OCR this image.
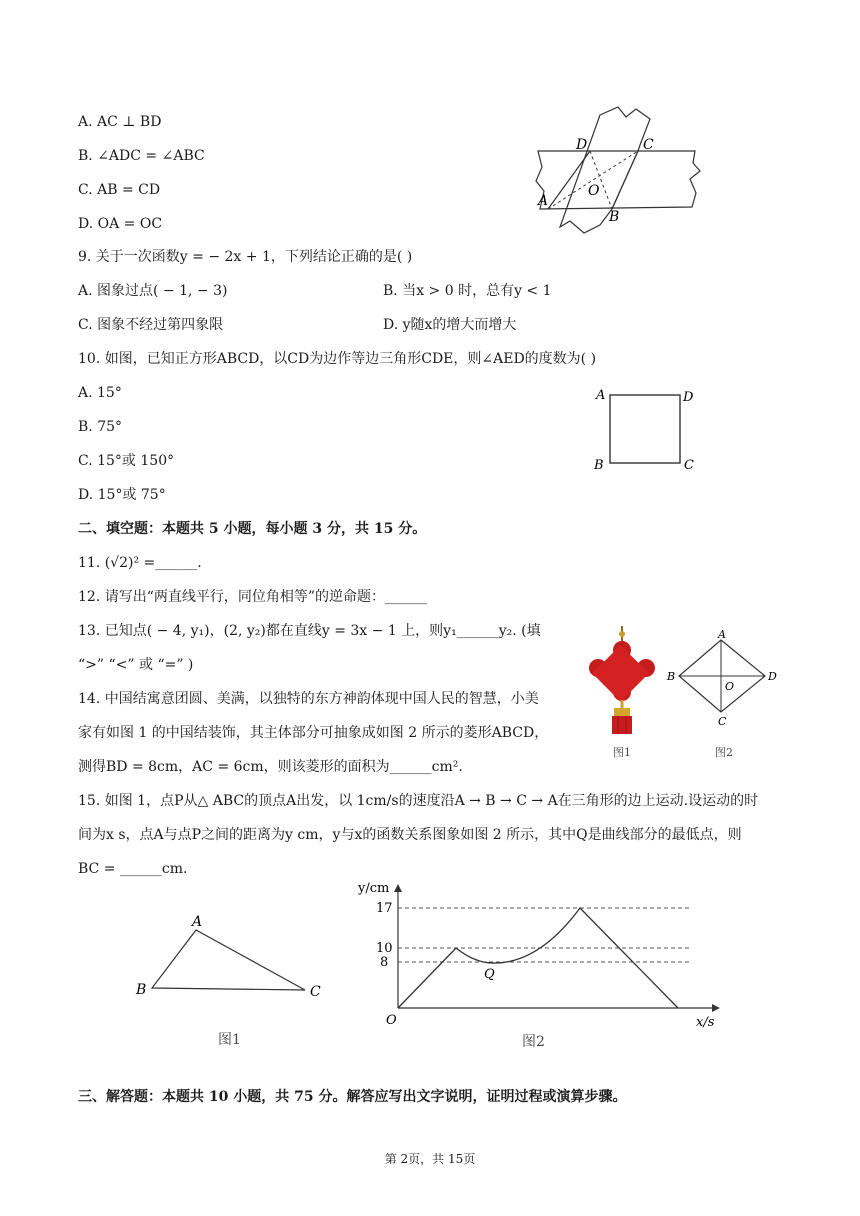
A. AC ⊥ BD
B. ∠ADC = ∠ABC
C. AB = CD
D. OA = OC
D	C
O
A
B
9. 关于一次函数y = − 2x + 1，下列结论正确的是( )
A. 图象过点( − 1, − 3)	B. 当x > 0 时，总有y < 1
C. 图象不经过第四象限	D. y随x的增大而增大
10. 如图，已知正方形ABCD，以CD为边作等边三角形CDE，则∠AED的度数为( )
A. 15°
B. 75°
C. 15°或 150°
D. 15°或 75°
A	D
B	C
二、填空题：本题共 5 小题，每小题 3 分，共 15 分。
11. (√2)² =______.
12. 请写出“两直线平行，同位角相等”的逆命题：______
13. 已知点( − 4, y₁)，(2, y₂)都在直线y = 3x − 1 上，则y₁______y₂. (填
“>” “<” 或 “=” )
14. 中国结寓意团圆、美满，以独特的东方神韵体现中国人民的智慧，小美
家有如图 1 的中国结装饰，其主体部分可抽象成如图 2 所示的菱形ABCD，
测得BD = 8cm，AC = 6cm，则该菱形的面积为______cm².
图1
A
B	D
C
O
图2
15. 如图 1，点P从△ ABC的顶点A出发，以 1cm/s的速度沿A → B → C → A在三角形的边上运动.设运动的时
间为x s，点A与点P之间的距离为y cm，y与x的函数关系图象如图 2 所示，其中Q是曲线部分的最低点，则
BC = ______cm.
A
B	C
图1
y/cm
x/s
O
17
10
8
Q
图2
三、解答题：本题共 10 小题，共 75 分。解答应写出文字说明，证明过程或演算步骤。
第 2页，共 15页
